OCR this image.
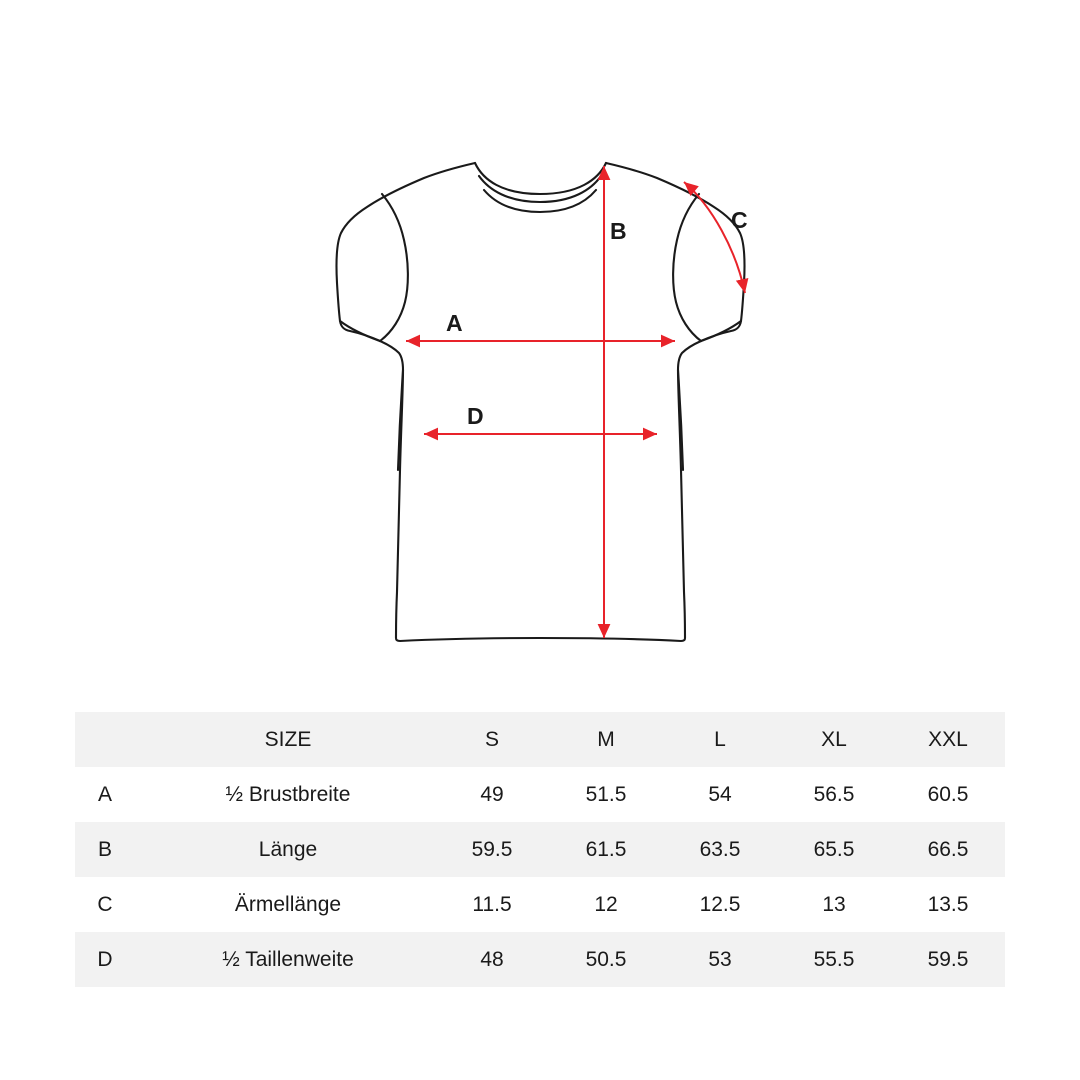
B
A
D
C
	SIZE	S	M	L	XL	XXL
A	½ Brustbreite	49	51.5	54	56.5	60.5
B	Länge	59.5	61.5	63.5	65.5	66.5
C	Ärmellänge	11.5	12	12.5	13	13.5
D	½ Taillenweite	48	50.5	53	55.5	59.5
